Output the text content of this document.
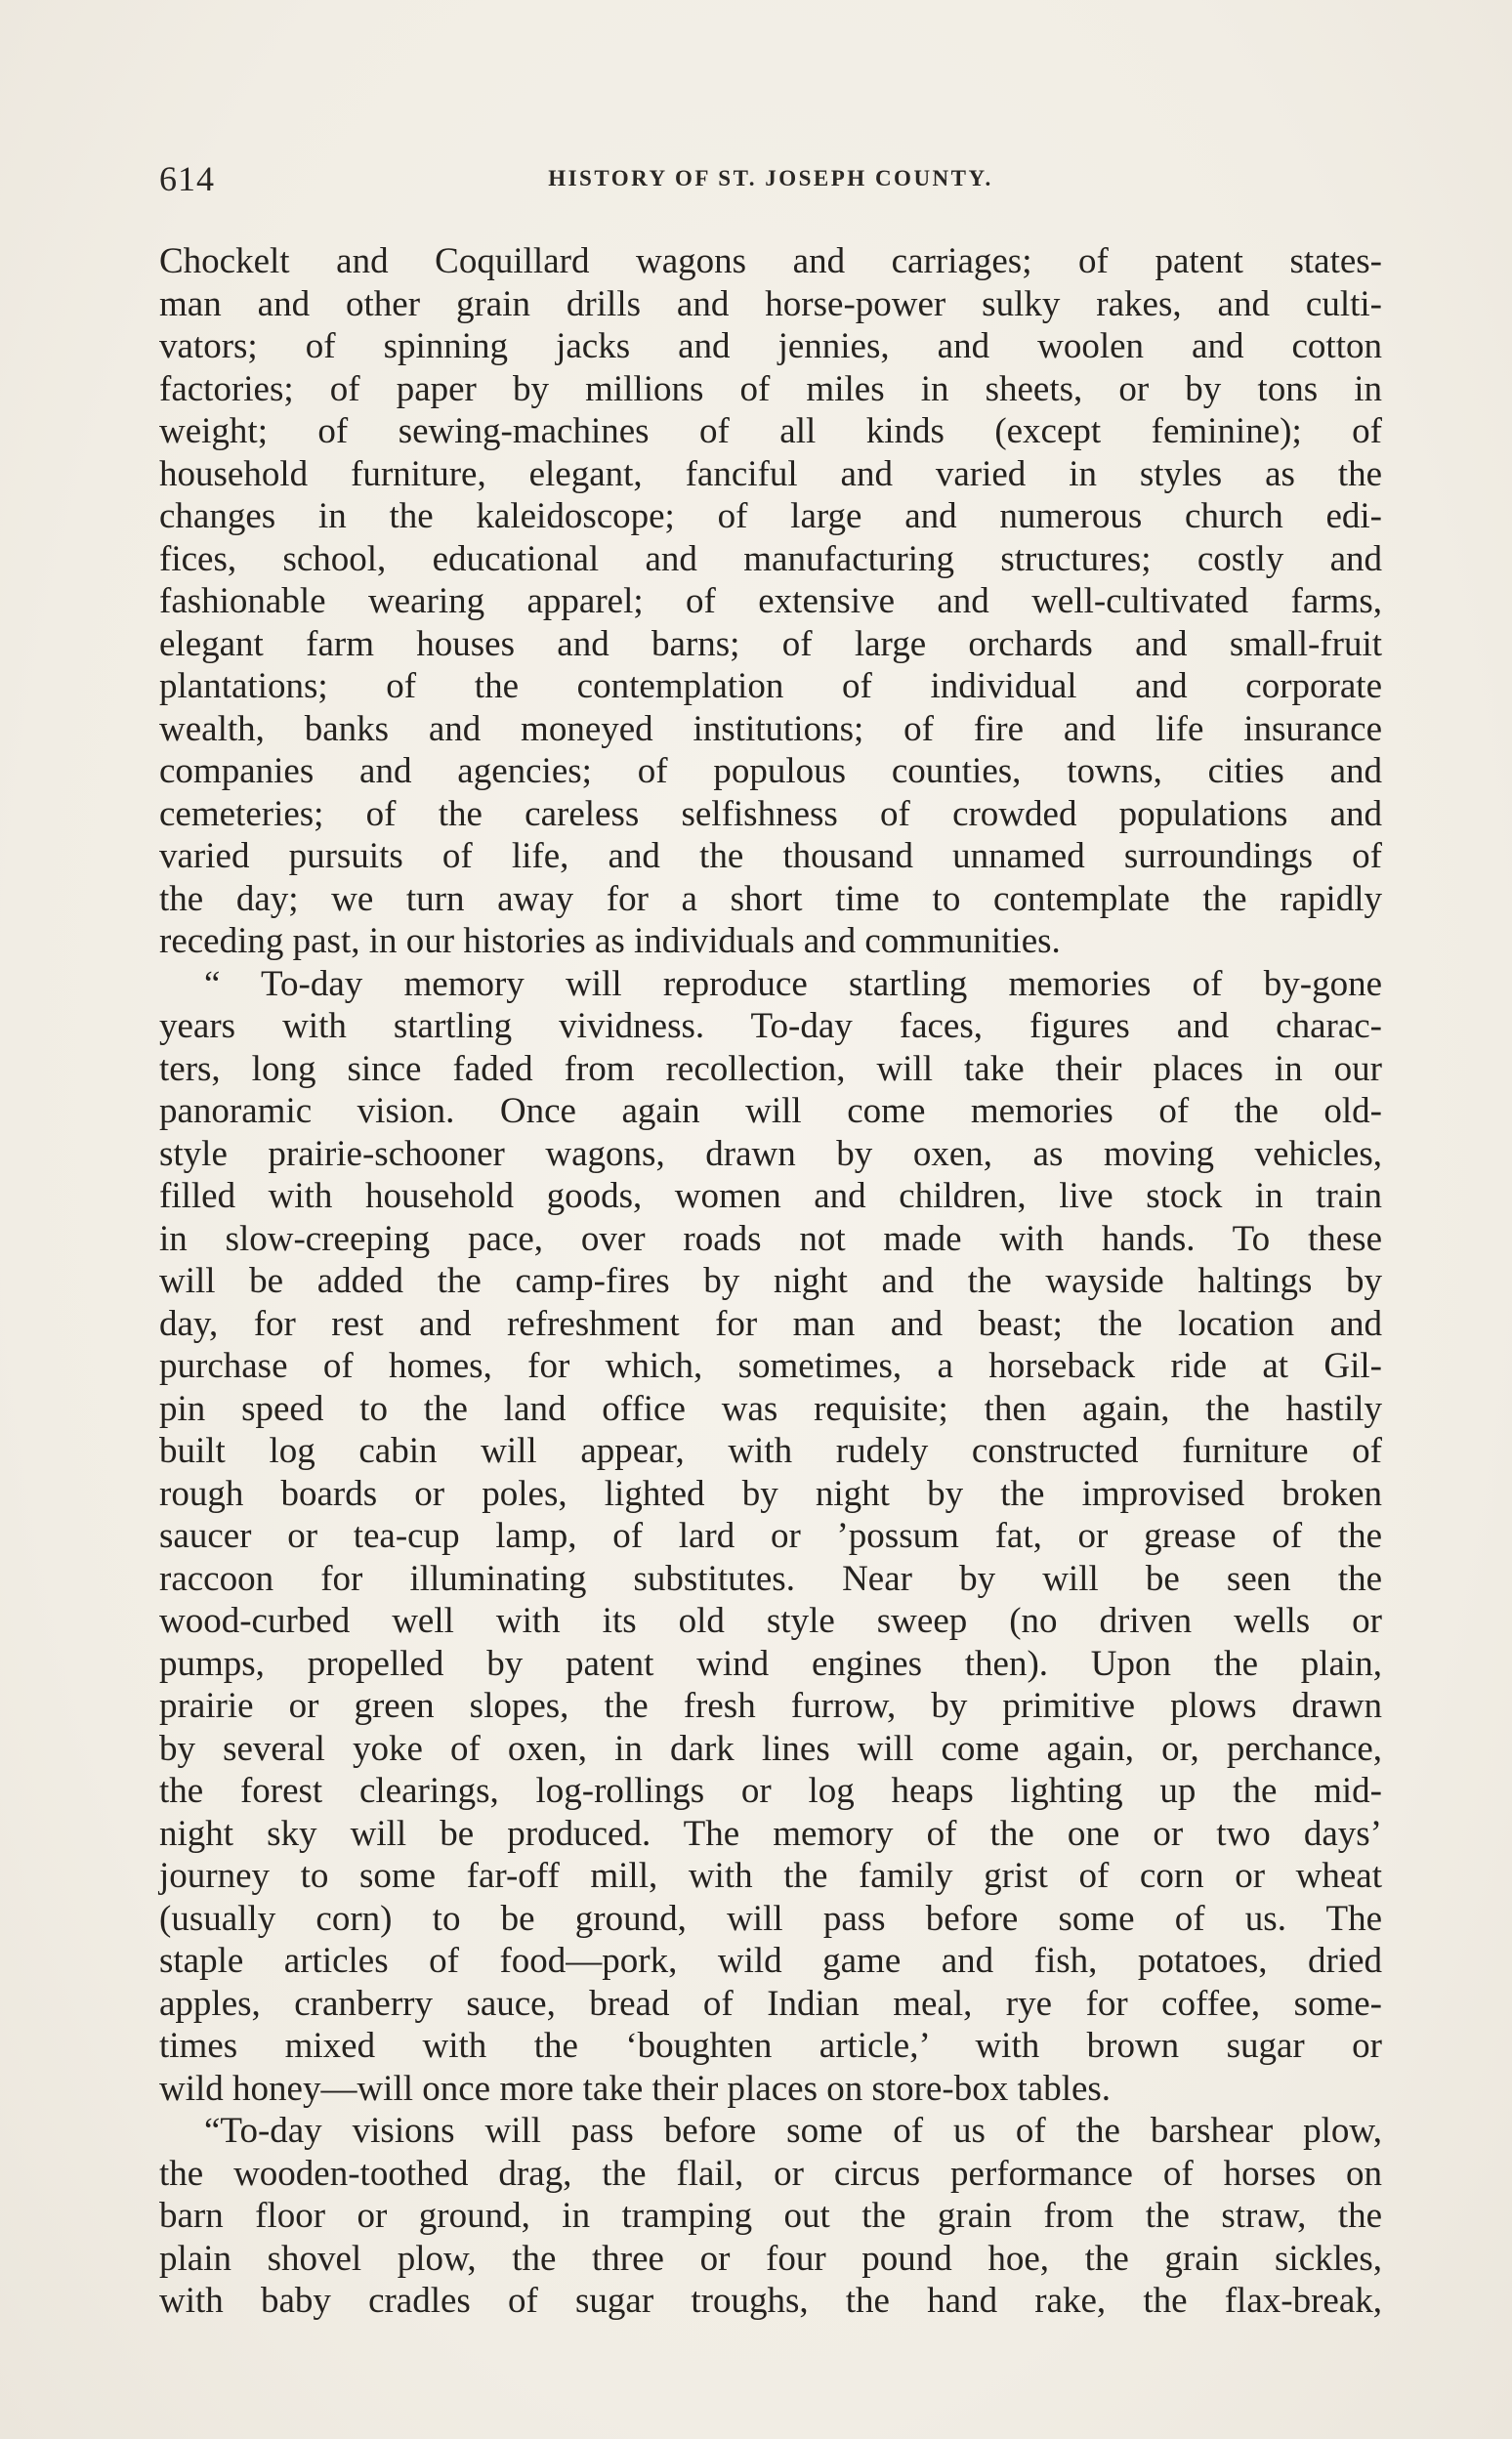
614	HISTORY OF ST. JOSEPH COUNTY.
Chockelt and Coquillard wagons and carriages; of patent states-
man and other grain drills and horse-power sulky rakes, and culti-
vators; of spinning jacks and jennies, and woolen and cotton
factories; of paper by millions of miles in sheets, or by tons in
weight; of sewing-machines of all kinds (except feminine); of
household furniture, elegant, fanciful and varied in styles as the
changes in the kaleidoscope; of large and numerous church edi-
fices, school, educational and manufacturing structures; costly and
fashionable wearing apparel; of extensive and well-cultivated farms,
elegant farm houses and barns; of large orchards and small-fruit
plantations; of the contemplation of individual and corporate
wealth, banks and moneyed institutions; of fire and life insurance
companies and agencies; of populous counties, towns, cities and
cemeteries; of the careless selfishness of crowded populations and
varied pursuits of life, and the thousand unnamed surroundings of
the day; we turn away for a short time to contemplate the rapidly
receding past, in our histories as individuals and communities.
“ To-day memory will reproduce startling memories of by-gone
years with startling vividness. To-day faces, figures and charac-
ters, long since faded from recollection, will take their places in our
panoramic vision. Once again will come memories of the old-
style prairie-schooner wagons, drawn by oxen, as moving vehicles,
filled with household goods, women and children, live stock in train
in slow-creeping pace, over roads not made with hands. To these
will be added the camp-fires by night and the wayside haltings by
day, for rest and refreshment for man and beast; the location and
purchase of homes, for which, sometimes, a horseback ride at Gil-
pin speed to the land office was requisite; then again, the hastily
built log cabin will appear, with rudely constructed furniture of
rough boards or poles, lighted by night by the improvised broken
saucer or tea-cup lamp, of lard or ’possum fat, or grease of the
raccoon for illuminating substitutes. Near by will be seen the
wood-curbed well with its old style sweep (no driven wells or
pumps, propelled by patent wind engines then). Upon the plain,
prairie or green slopes, the fresh furrow, by primitive plows drawn
by several yoke of oxen, in dark lines will come again, or, perchance,
the forest clearings, log-rollings or log heaps lighting up the mid-
night sky will be produced. The memory of the one or two days’
journey to some far-off mill, with the family grist of corn or wheat
(usually corn) to be ground, will pass before some of us. The
staple articles of food—pork, wild game and fish, potatoes, dried
apples, cranberry sauce, bread of Indian meal, rye for coffee, some-
times mixed with the ‘boughten article,’ with brown sugar or
wild honey—will once more take their places on store-box tables.
“To-day visions will pass before some of us of the barshear plow,
the wooden-toothed drag, the flail, or circus performance of horses on
barn floor or ground, in tramping out the grain from the straw, the
plain shovel plow, the three or four pound hoe, the grain sickles,
with baby cradles of sugar troughs, the hand rake, the flax-break,
